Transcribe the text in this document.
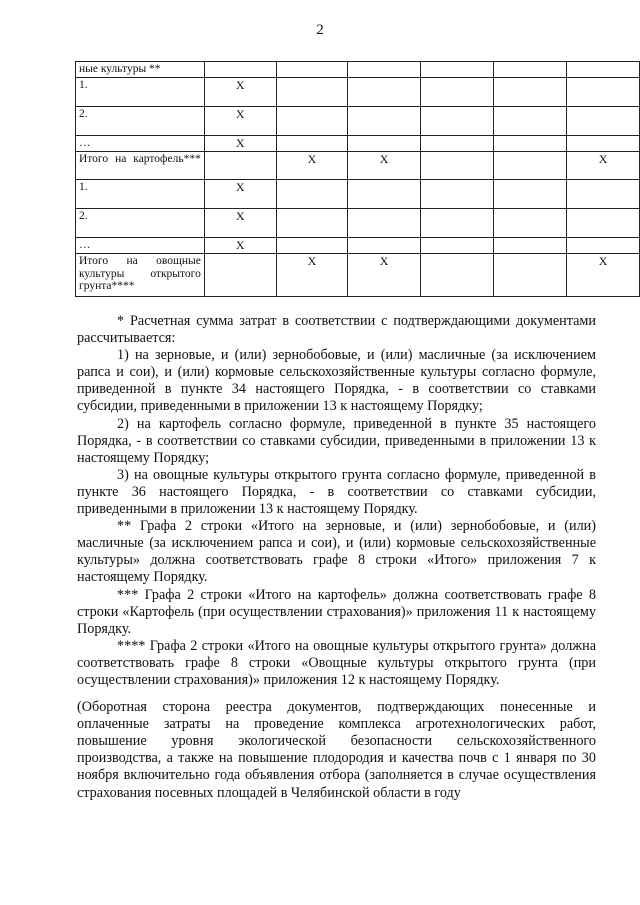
2
ные культуры **						
1.	X					
2.	X					
…	X					
Итого на картофель***		X	X			X
1.	X					
2.	X					
…	X					
Итого на овощные культуры открытого грунта****		X	X			X

* Расчетная сумма затрат в соответствии с подтверждающими документами рассчитывается:

1) на зерновые, и (или) зернобобовые, и (или) масличные (за исключением рапса и сои), и (или) кормовые сельскохозяйственные культуры согласно формуле, приведенной в пункте 34 настоящего Порядка, - в соответствии со ставками субсидии, приведенными в приложении 13 к настоящему Порядку;

2) на картофель согласно формуле, приведенной в пункте 35 настоящего Порядка, - в соответствии со ставками субсидии, приведенными в приложении 13 к настоящему Порядку;

3) на овощные культуры открытого грунта согласно формуле, приведенной в пункте 36 настоящего Порядка, - в соответствии со ставками субсидии, приведенными в приложении 13 к настоящему Порядку.

** Графа 2 строки «Итого на зерновые, и (или) зернобобовые, и (или) масличные (за исключением рапса и сои), и (или) кормовые сельскохозяйственные культуры» должна соответствовать графе 8 строки «Итого» приложения 7 к настоящему Порядку.

*** Графа 2 строки «Итого на картофель» должна соответствовать графе 8 строки «Картофель (при осуществлении страхования)» приложения 11 к настоящему Порядку.

**** Графа 2 строки «Итого на овощные культуры открытого грунта» должна соответствовать графе 8 строки «Овощные культуры открытого грунта (при осуществлении страхования)» приложения 12 к настоящему Порядку.

(Оборотная сторона реестра документов, подтверждающих понесенные и оплаченные затраты на проведение комплекса агротехнологических работ, повышение уровня экологической безопасности сельскохозяйственного производства, а также на повышение плодородия и качества почв с 1 января по 30 ноября включительно года объявления отбора (заполняется в случае осуществления страхования посевных площадей в Челябинской области в году
